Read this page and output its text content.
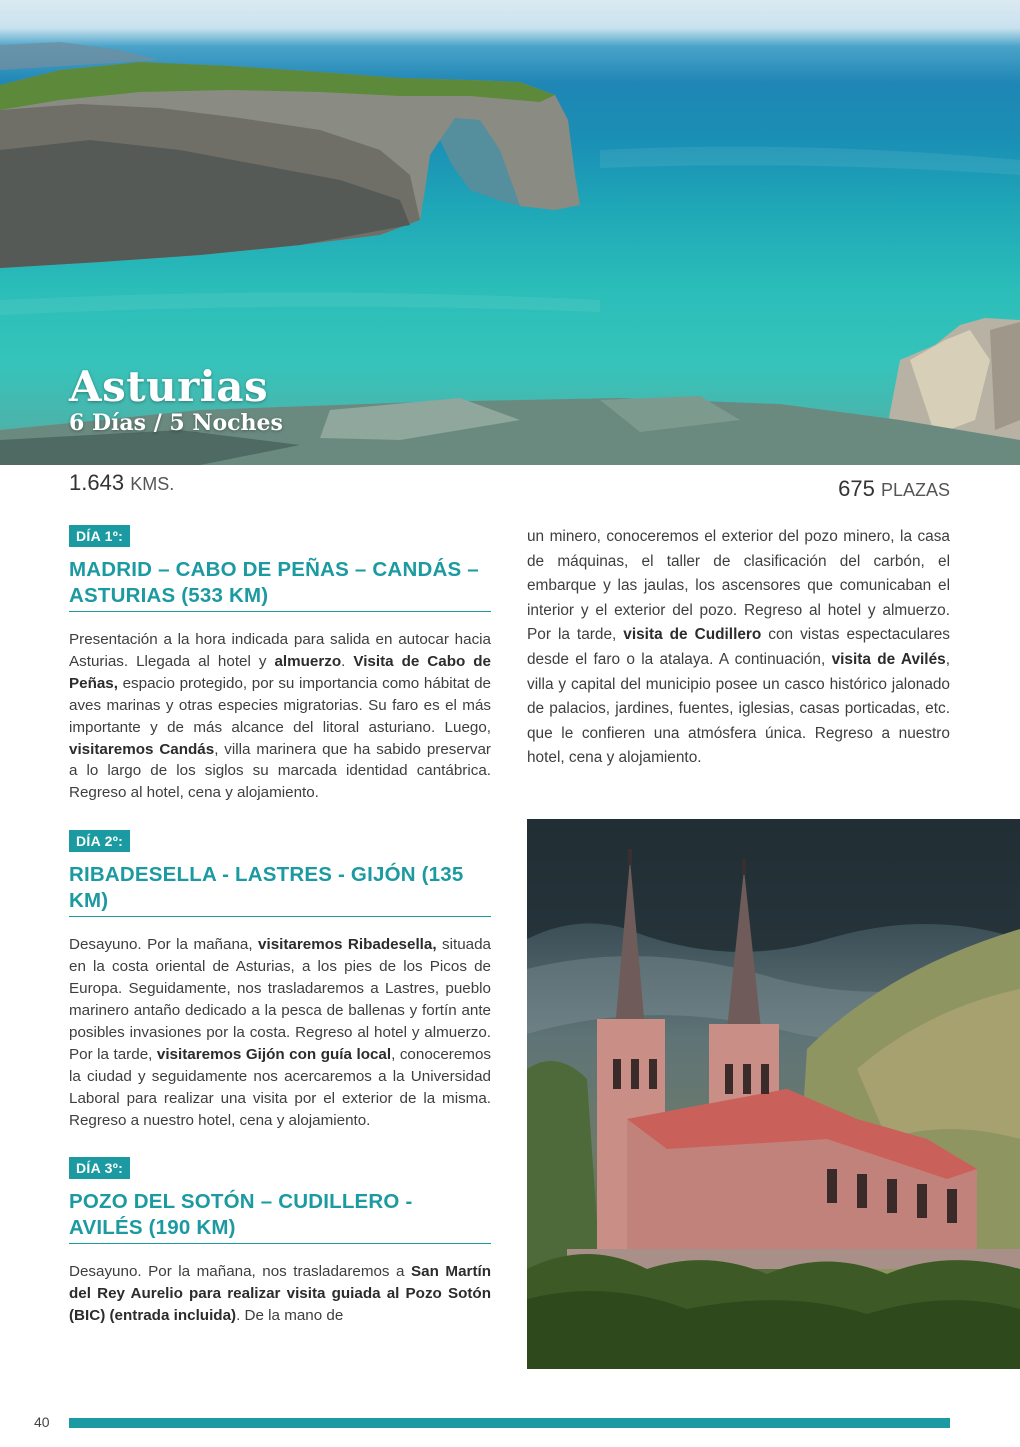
Asturias
6 Días / 5 Noches
1.643 KMS.	675 PLAZAS
DÍA 1º:
MADRID – CABO DE PEÑAS – CANDÁS – ASTURIAS (533 KM)

Presentación a la hora indicada para salida en autocar hacia Asturias. Llegada al hotel y almuerzo. Visita de Cabo de Peñas, espacio protegido, por su importancia como hábitat de aves marinas y otras especies migratorias. Su faro es el más importante y de más alcance del litoral asturiano. Luego, visitaremos Candás, villa marinera que ha sabido preservar a lo largo de los siglos su marcada identidad cantábrica. Regreso al hotel, cena y alojamiento.

DÍA 2º:
RIBADESELLA - LASTRES - GIJÓN (135 KM)

Desayuno. Por la mañana, visitaremos Ribadesella, situada en la costa oriental de Asturias, a los pies de los Picos de Europa. Seguidamente, nos trasladaremos a Lastres, pueblo marinero antaño dedicado a la pesca de ballenas y fortín ante posibles invasiones por la costa. Regreso al hotel y almuerzo. Por la tarde, visitaremos Gijón con guía local, conoceremos la ciudad y seguidamente nos acercaremos a la Universidad Laboral para realizar una visita por el exterior de la misma. Regreso a nuestro hotel, cena y alojamiento.

DÍA 3º:
POZO DEL SOTÓN – CUDILLERO - AVILÉS (190 KM)

Desayuno. Por la mañana, nos trasladaremos a San Martín del Rey Aurelio para realizar visita guiada al Pozo Sotón (BIC) (entrada incluida). De la mano de

un minero, conoceremos el exterior del pozo minero, la casa de máquinas, el taller de clasificación del carbón, el embarque y las jaulas, los ascensores que comunicaban el interior y el exterior del pozo. Regreso al hotel y almuerzo. Por la tarde, visita de Cudillero con vistas espectaculares desde el faro o la atalaya. A continuación, visita de Avilés, villa y capital del municipio posee un casco histórico jalonado de palacios, jardines, fuentes, iglesias, casas porticadas, etc. que le confieren una atmósfera única. Regreso a nuestro hotel, cena y alojamiento.

40
